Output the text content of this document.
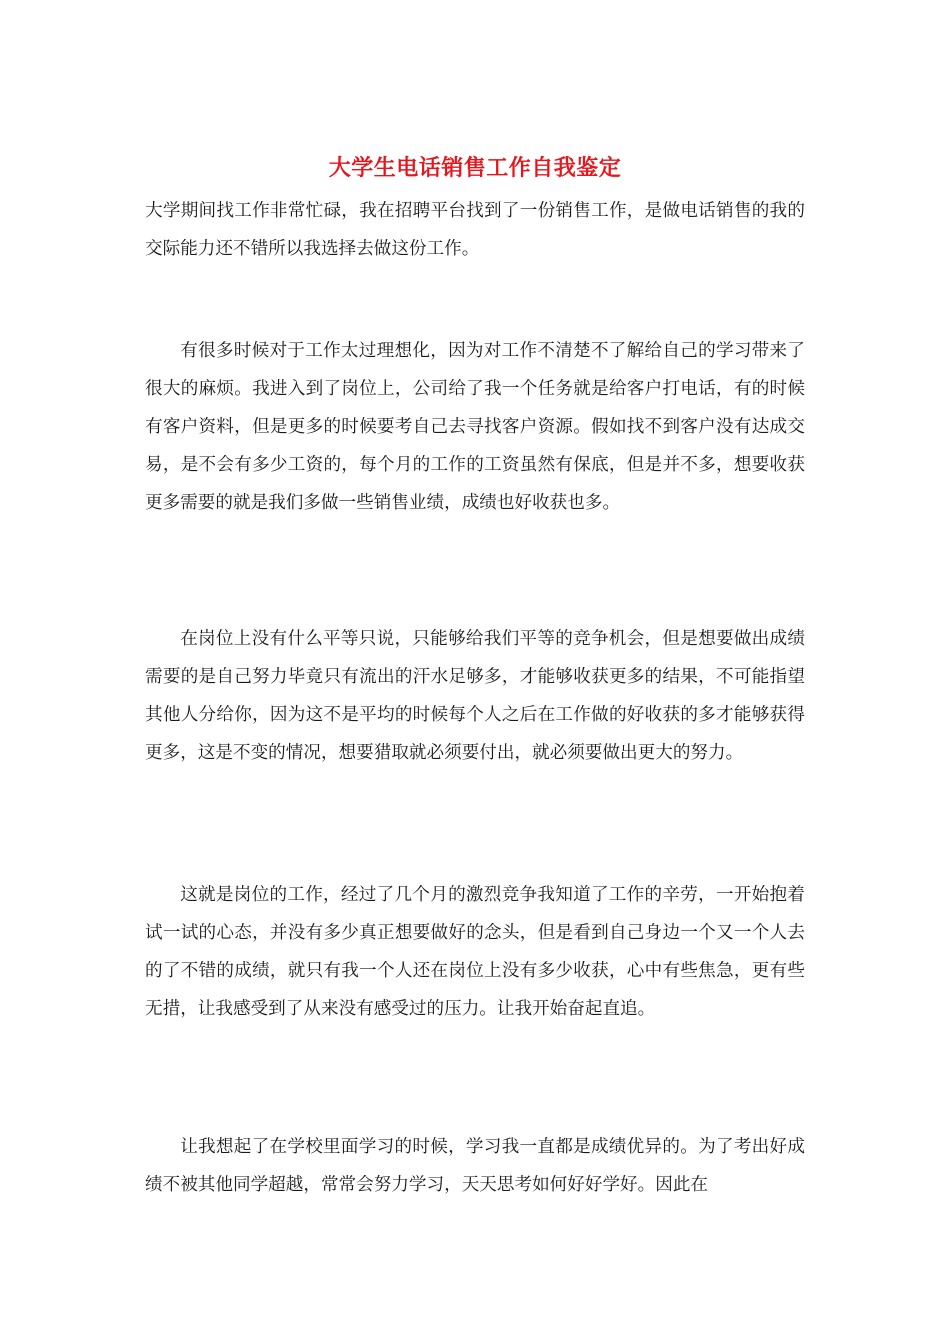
大学生电话销售工作自我鉴定

大学期间找工作非常忙碌，我在招聘平台找到了一份销售工作，是做电话销售的我的交际能力还不错所以我选择去做这份工作。

有很多时候对于工作太过理想化，因为对工作不清楚不了解给自己的学习带来了很大的麻烦。我进入到了岗位上，公司给了我一个任务就是给客户打电话，有的时候有客户资料，但是更多的时候要考自己去寻找客户资源。假如找不到客户没有达成交易，是不会有多少工资的，每个月的工作的工资虽然有保底，但是并不多，想要收获更多需要的就是我们多做一些销售业绩，成绩也好收获也多。

在岗位上没有什么平等只说，只能够给我们平等的竞争机会，但是想要做出成绩需要的是自己努力毕竟只有流出的汗水足够多，才能够收获更多的结果，不可能指望其他人分给你，因为这不是平均的时候每个人之后在工作做的好收获的多才能够获得更多，这是不变的情况，想要猎取就必须要付出，就必须要做出更大的努力。

这就是岗位的工作，经过了几个月的激烈竞争我知道了工作的辛劳，一开始抱着试一试的心态，并没有多少真正想要做好的念头，但是看到自己身边一个又一个人去的了不错的成绩，就只有我一个人还在岗位上没有多少收获，心中有些焦急，更有些无措，让我感受到了从来没有感受过的压力。让我开始奋起直追。

让我想起了在学校里面学习的时候，学习我一直都是成绩优异的。为了考出好成绩不被其他同学超越，常常会努力学习，天天思考如何好好学好。因此在
